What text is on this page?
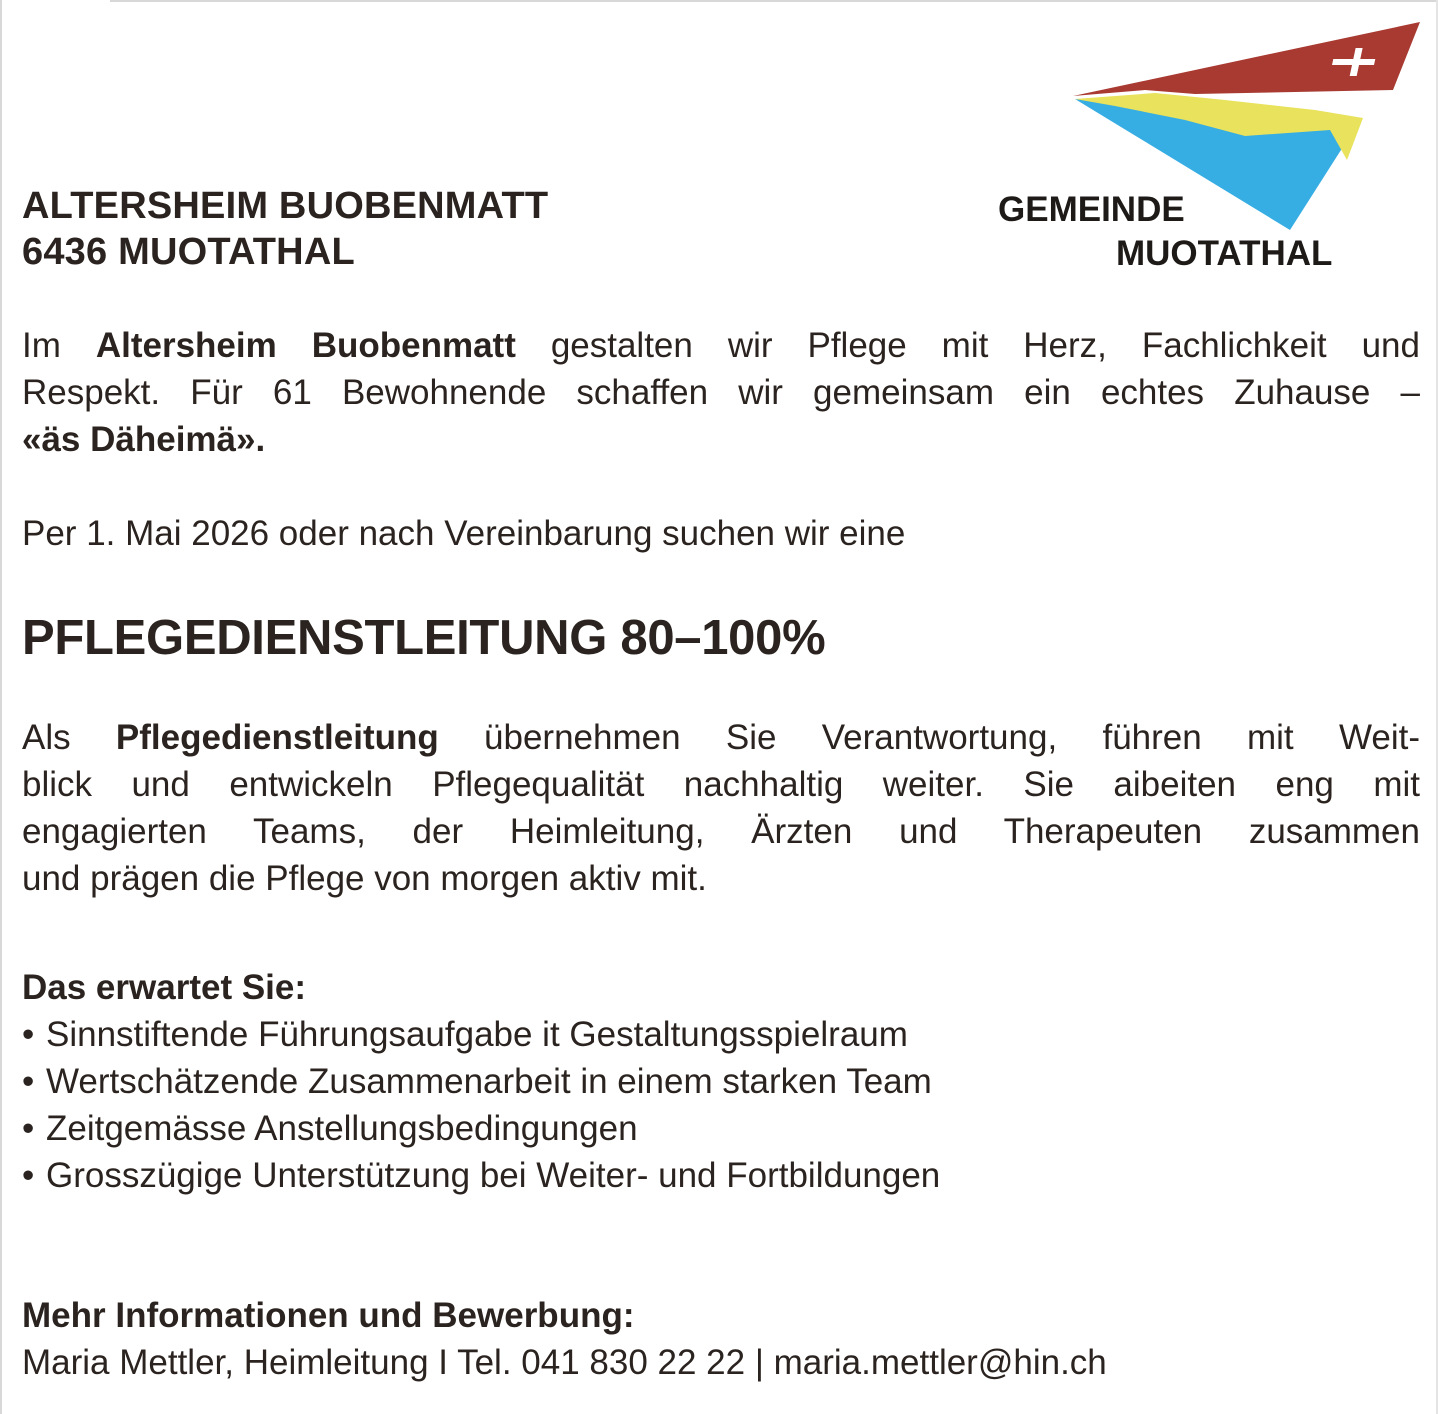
ALTERSHEIM BUOBENMATT
6436 MUOTATHAL
GEMEINDE
MUOTATHAL
Im Altersheim Buobenmatt gestalten wir Pflege mit Herz, Fachlichkeit und
Respekt. Für 61 Bewohnende schaffen wir gemeinsam ein echtes Zuhause –
«äs Däheimä».
Per 1. Mai 2026 oder nach Vereinbarung suchen wir eine
PFLEGEDIENSTLEITUNG 80–100%
Als Pflegedienstleitung übernehmen Sie Verantwortung, führen mit Weit-
blick und entwickeln Pflegequalität nachhaltig weiter. Sie aibeiten eng mit
engagierten Teams, der Heimleitung, Ärzten und Therapeuten zusammen
und prägen die Pflege von morgen aktiv mit.
Das erwartet Sie:
• Sinnstiftende Führungsaufgabe it Gestaltungsspielraum
• Wertschätzende Zusammenarbeit in einem starken Team
• Zeitgemässe Anstellungsbedingungen
• Grosszügige Unterstützung bei Weiter- und Fortbildungen
Mehr Informationen und Bewerbung:
Maria Mettler, Heimleitung I Tel. 041 830 22 22 | maria.mettler@hin.ch
